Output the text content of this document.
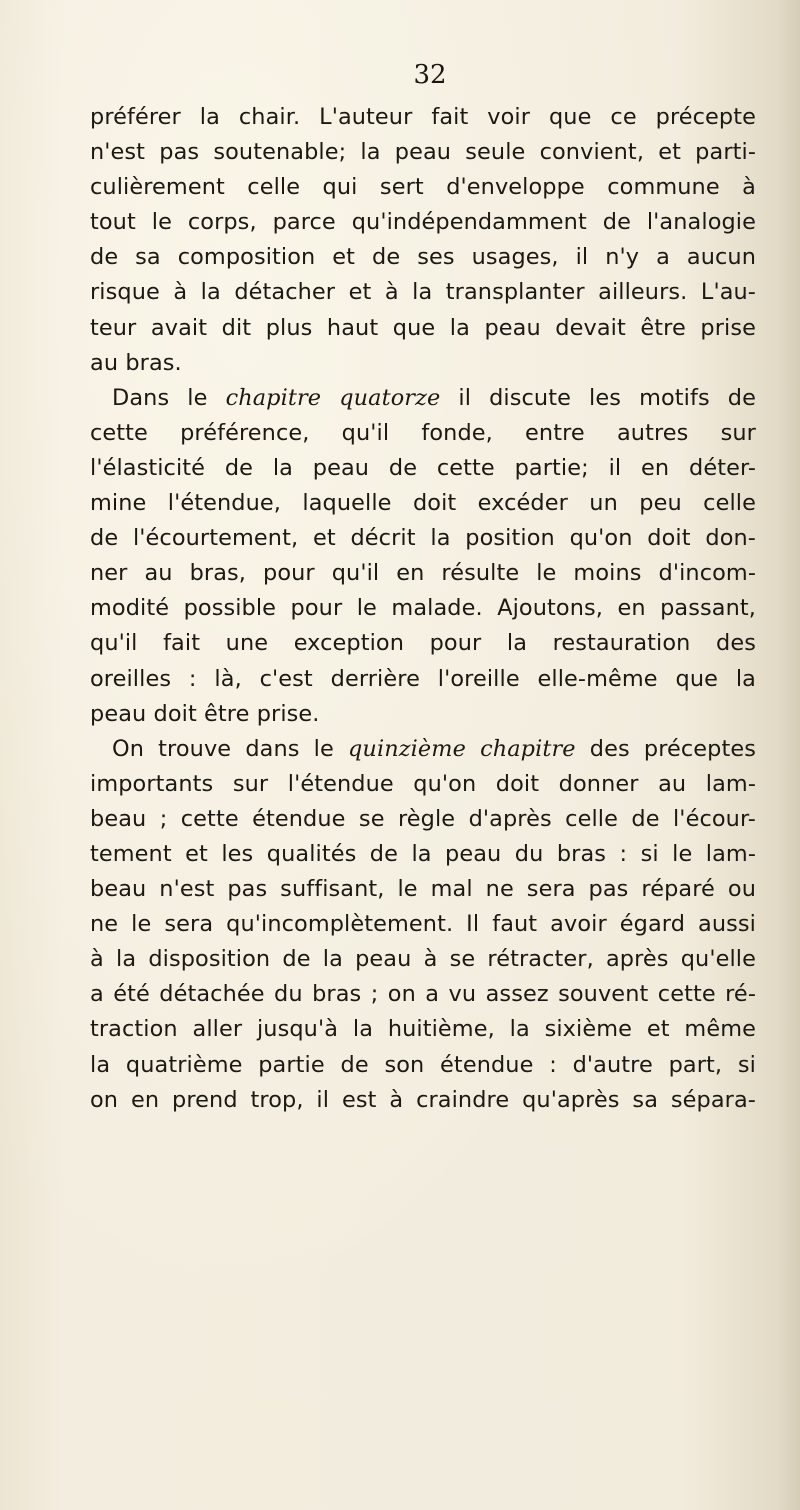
32
préférer la chair. L'auteur fait voir que ce précepte
n'est pas soutenable; la peau seule convient, et parti-
culièrement celle qui sert d'enveloppe commune à
tout le corps, parce qu'indépendamment de l'analogie
de sa composition et de ses usages, il n'y a aucun
risque à la détacher et à la transplanter ailleurs. L'au-
teur avait dit plus haut que la peau devait être prise
au bras.
Dans le chapitre quatorze il discute les motifs de
cette préférence, qu'il fonde, entre autres sur
l'élasticité de la peau de cette partie; il en déter-
mine l'étendue, laquelle doit excéder un peu celle
de l'écourtement, et décrit la position qu'on doit don-
ner au bras, pour qu'il en résulte le moins d'incom-
modité possible pour le malade. Ajoutons, en passant,
qu'il fait une exception pour la restauration des
oreilles : là, c'est derrière l'oreille elle-même que la
peau doit être prise.
On trouve dans le quinzième chapitre des préceptes
importants sur l'étendue qu'on doit donner au lam-
beau ; cette étendue se règle d'après celle de l'écour-
tement et les qualités de la peau du bras : si le lam-
beau n'est pas suffisant, le mal ne sera pas réparé ou
ne le sera qu'incomplètement. Il faut avoir égard aussi
à la disposition de la peau à se rétracter, après qu'elle
a été détachée du bras ; on a vu assez souvent cette ré-
traction aller jusqu'à la huitième, la sixième et même
la quatrième partie de son étendue : d'autre part, si
on en prend trop, il est à craindre qu'après sa sépara-
